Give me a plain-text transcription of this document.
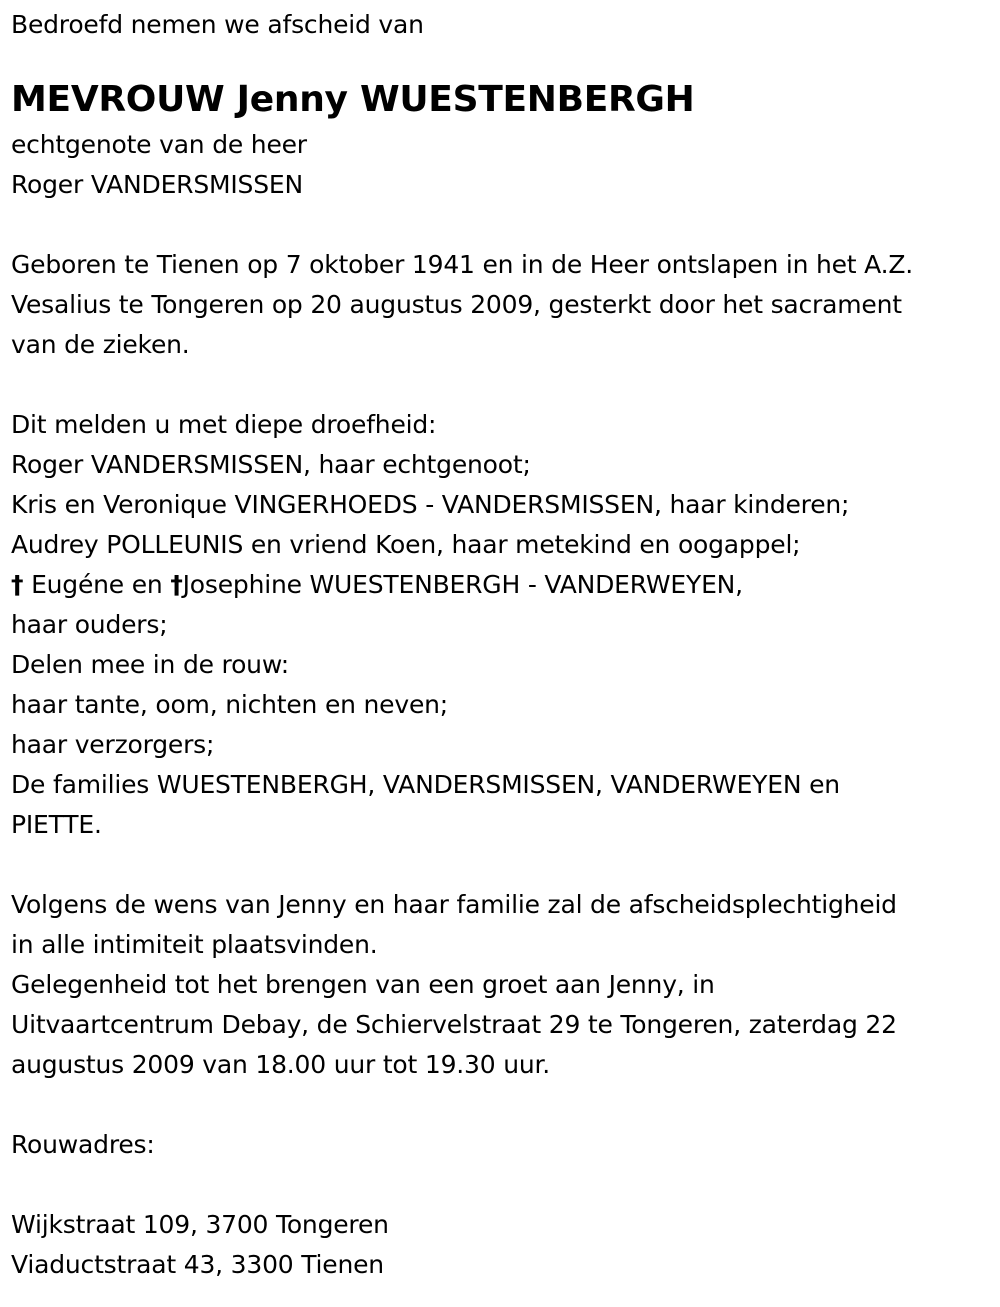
Bedroefd nemen we afscheid van
MEVROUW Jenny WUESTENBERGH
echtgenote van de heer
Roger VANDERSMISSEN
Geboren te Tienen op 7 oktober 1941 en in de Heer ontslapen in het A.Z.
Vesalius te Tongeren op 20 augustus 2009, gesterkt door het sacrament
van de zieken.
Dit melden u met diepe droefheid:
Roger VANDERSMISSEN, haar echtgenoot;
Kris en Veronique VINGERHOEDS - VANDERSMISSEN, haar kinderen;
Audrey POLLEUNIS en vriend Koen, haar metekind en oogappel;
† Eugéne en †Josephine WUESTENBERGH - VANDERWEYEN,
haar ouders;
Delen mee in de rouw:
haar tante, oom, nichten en neven;
haar verzorgers;
De families WUESTENBERGH, VANDERSMISSEN, VANDERWEYEN en
PIETTE.
Volgens de wens van Jenny en haar familie zal de afscheidsplechtigheid
in alle intimiteit plaatsvinden.
Gelegenheid tot het brengen van een groet aan Jenny, in
Uitvaartcentrum Debay, de Schiervelstraat 29 te Tongeren, zaterdag 22
augustus 2009 van 18.00 uur tot 19.30 uur.
Rouwadres:
Wijkstraat 109, 3700 Tongeren
Viaductstraat 43, 3300 Tienen
